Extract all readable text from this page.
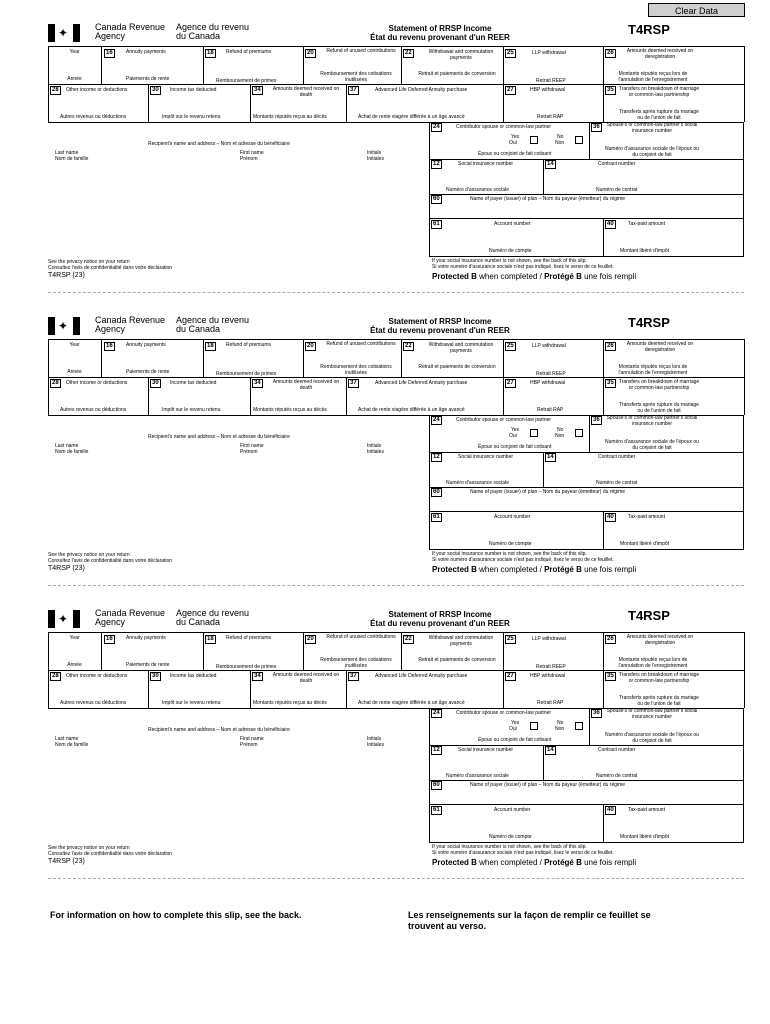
Clear Data
✦	Canada Revenue
Agency
Agence du revenu
du Canada
Statement of RRSP Income
État du revenu provenant d'un REER
T4RSP
Year
Année
16	Annuity payments
Paiements de rente
18	Refund of premiums
Remboursement de primes
20	Refund of unused contributions
Remboursement des cotisations inutilisées
22	Withdrawal and commutation payments
Retrait et paiements de conversion
25	LLP withdrawal
Retrait REEP
26	Amounts deemed received on deregistration
Montants réputés reçus lors de l'annulation de l'enregistrement
28	Other income or deductions
Autres revenus ou déductions
30	Income tax deducted
Impôt sur le revenu retenu
34	Amounts deemed received on death
Montants réputés reçus au décès
37	Advanced Life Deferred Annuity purchase
Achat de rente viagère différée à un âge avancé
27	HBP withdrawal
Retrait RAP
35	Transfers on breakdown of marriage or common-law partnership
Transferts après rupture du mariage ou de l'union de fait
Recipient's name and address – Nom et adresse du bénéficiaire
Last name
Nom de famille
First name
Prénom
Initials
Initiales
24	Contributor spouse or common-law partner
Yes
Oui
No
Non
Époux ou conjoint de fait cotisant
36	Spouse's or common-law partner's social insurance number
Numéro d'assurance sociale de l'époux ou du conjoint de fait
12	Social insurance number
Numéro d'assurance sociale
14	Contract number
Numéro de contrat
60	Name of payer (issuer) of plan – Nom du payeur (émetteur) du régime
61	Account number
Numéro de compte
40	Tax-paid amount
Montant libéré d'impôt
See the privacy notice on your return
Consultez l'avis de confidentialité dans votre déclaration
If your social insurance number is not shown, see the back of this slip.
Si votre numéro d'assurance sociale n'est pas indiqué, lisez le verso de ce feuillet.
T4RSP (23)	Protected B when completed / Protégé B une fois rempli
✦	Canada Revenue
Agency
Agence du revenu
du Canada
Statement of RRSP Income
État du revenu provenant d'un REER
T4RSP
Year
Année
16	Annuity payments
Paiements de rente
18	Refund of premiums
Remboursement de primes
20	Refund of unused contributions
Remboursement des cotisations inutilisées
22	Withdrawal and commutation payments
Retrait et paiements de conversion
25	LLP withdrawal
Retrait REEP
26	Amounts deemed received on deregistration
Montants réputés reçus lors de l'annulation de l'enregistrement
28	Other income or deductions
Autres revenus ou déductions
30	Income tax deducted
Impôt sur le revenu retenu
34	Amounts deemed received on death
Montants réputés reçus au décès
37	Advanced Life Deferred Annuity purchase
Achat de rente viagère différée à un âge avancé
27	HBP withdrawal
Retrait RAP
35	Transfers on breakdown of marriage or common-law partnership
Transferts après rupture du mariage ou de l'union de fait
Recipient's name and address – Nom et adresse du bénéficiaire
Last name
Nom de famille
First name
Prénom
Initials
Initiales
24	Contributor spouse or common-law partner
Yes
Oui
No
Non
Époux ou conjoint de fait cotisant
36	Spouse's or common-law partner's social insurance number
Numéro d'assurance sociale de l'époux ou du conjoint de fait
12	Social insurance number
Numéro d'assurance sociale
14	Contract number
Numéro de contrat
60	Name of payer (issuer) of plan – Nom du payeur (émetteur) du régime
61	Account number
Numéro de compte
40	Tax-paid amount
Montant libéré d'impôt
See the privacy notice on your return
Consultez l'avis de confidentialité dans votre déclaration
If your social insurance number is not shown, see the back of this slip.
Si votre numéro d'assurance sociale n'est pas indiqué, lisez le verso de ce feuillet.
T4RSP (23)	Protected B when completed / Protégé B une fois rempli
✦	Canada Revenue
Agency
Agence du revenu
du Canada
Statement of RRSP Income
État du revenu provenant d'un REER
T4RSP
Year
Année
16	Annuity payments
Paiements de rente
18	Refund of premiums
Remboursement de primes
20	Refund of unused contributions
Remboursement des cotisations inutilisées
22	Withdrawal and commutation payments
Retrait et paiements de conversion
25	LLP withdrawal
Retrait REEP
26	Amounts deemed received on deregistration
Montants réputés reçus lors de l'annulation de l'enregistrement
28	Other income or deductions
Autres revenus ou déductions
30	Income tax deducted
Impôt sur le revenu retenu
34	Amounts deemed received on death
Montants réputés reçus au décès
37	Advanced Life Deferred Annuity purchase
Achat de rente viagère différée à un âge avancé
27	HBP withdrawal
Retrait RAP
35	Transfers on breakdown of marriage or common-law partnership
Transferts après rupture du mariage ou de l'union de fait
Recipient's name and address – Nom et adresse du bénéficiaire
Last name
Nom de famille
First name
Prénom
Initials
Initiales
24	Contributor spouse or common-law partner
Yes
Oui
No
Non
Époux ou conjoint de fait cotisant
36	Spouse's or common-law partner's social insurance number
Numéro d'assurance sociale de l'époux ou du conjoint de fait
12	Social insurance number
Numéro d'assurance sociale
14	Contract number
Numéro de contrat
60	Name of payer (issuer) of plan – Nom du payeur (émetteur) du régime
61	Account number
Numéro de compte
40	Tax-paid amount
Montant libéré d'impôt
See the privacy notice on your return
Consultez l'avis de confidentialité dans votre déclaration
If your social insurance number is not shown, see the back of this slip.
Si votre numéro d'assurance sociale n'est pas indiqué, lisez le verso de ce feuillet.
T4RSP (23)	Protected B when completed / Protégé B une fois rempli
For information on how to complete this slip, see the back.	Les renseignements sur la façon de remplir ce feuillet se trouvent au verso.
